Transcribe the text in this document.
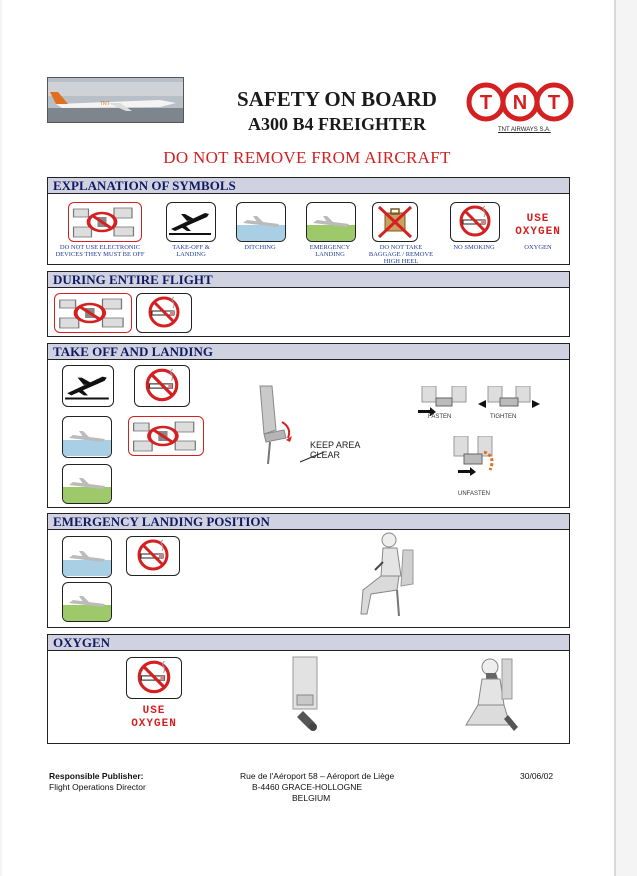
TNT	SAFETY ON BOARD
A300 B4 FREIGHTER
T N T
TNT AIRWAYS S.A.
DO NOT REMOVE FROM AIRCRAFT
EXPLANATION OF SYMBOLS
DO NOT USE ELECTRONIC DEVICES THEY MUST BE OFF
TAKE-OFF & LANDING
DITCHING	EMERGENCY LANDING
DO NOT TAKE BAGGAGE / REMOVE HIGH HEEL
NO SMOKING
USE OXYGEN
OXYGEN
DURING ENTIRE FLIGHT
TAKE OFF AND LANDING
KEEP AREA CLEAR
FASTEN	TIGHTEN
UNFASTEN
EMERGENCY LANDING POSITION
OXYGEN
USE OXYGEN
Responsible Publisher:
Flight Operations Director
Rue de l'Aéroport 58 – Aéroport de Liège
B-4460 GRACE-HOLLOGNE
BELGIUM
30/06/02
